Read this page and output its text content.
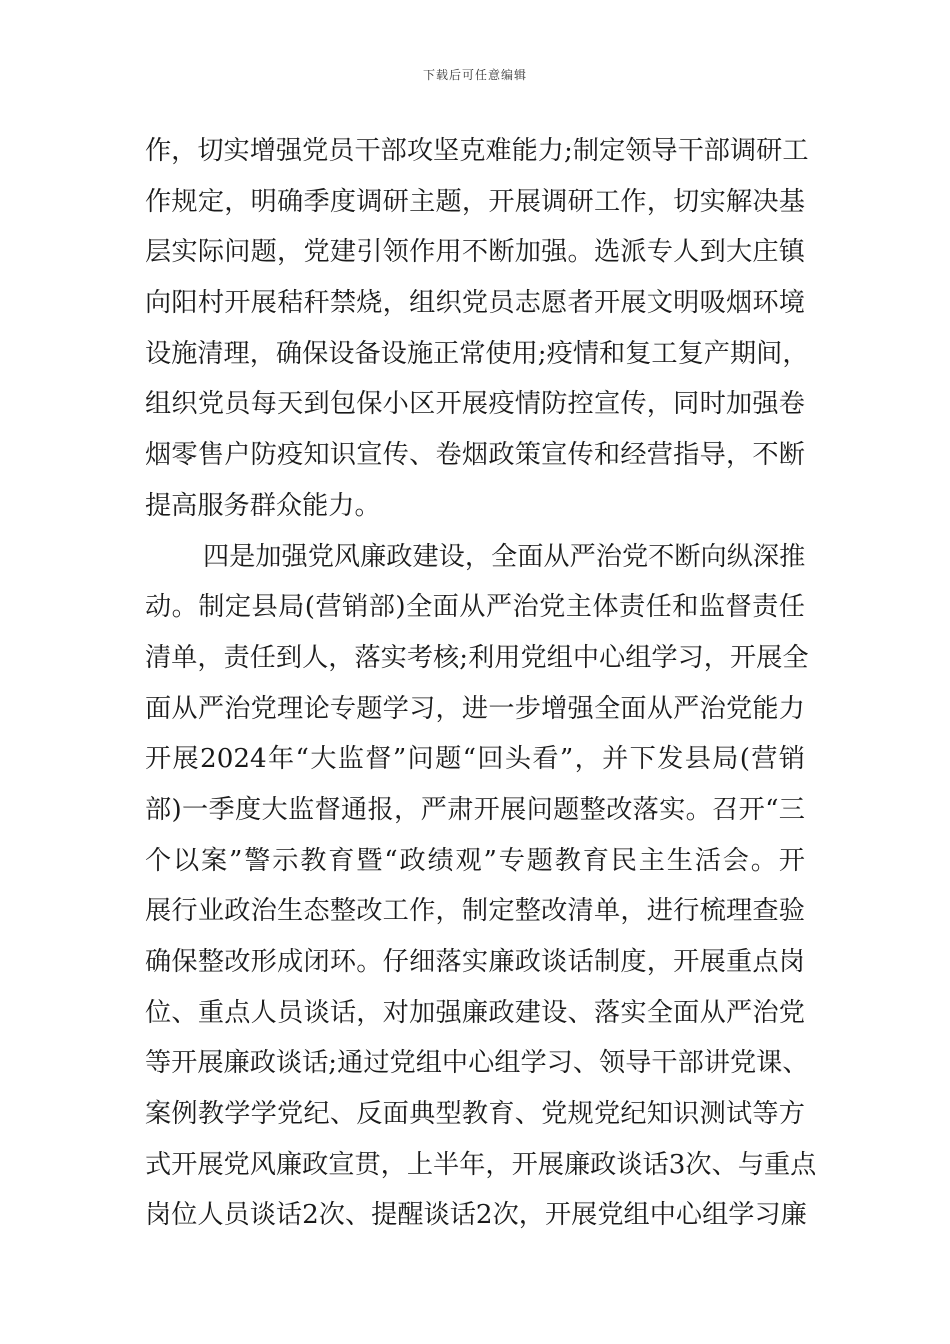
下载后可任意编辑
作，切实增强党员干部攻坚克难能力;制定领导干部调研工
作规定，明确季度调研主题，开展调研工作，切实解决基
层实际问题，党建引领作用不断加强。选派专人到大庄镇
向阳村开展秸秆禁烧，组织党员志愿者开展文明吸烟环境
设施清理，确保设备设施正常使用;疫情和复工复产期间，
组织党员每天到包保小区开展疫情防控宣传，同时加强卷
烟零售户防疫知识宣传、卷烟政策宣传和经营指导，不断
提高服务群众能力。
四是加强党风廉政建设，全面从严治党不断向纵深推
动。制定县局(营销部)全面从严治党主体责任和监督责任
清单，责任到人，落实考核;利用党组中心组学习，开展全
面从严治党理论专题学习，进一步增强全面从严治党能力
开展2024年“大监督”问题“回头看”，并下发县局(营销
部)一季度大监督通报，严肃开展问题整改落实。召开“三
个以案”警示教育暨“政绩观”专题教育民主生活会。开
展行业政治生态整改工作，制定整改清单，进行梳理查验
确保整改形成闭环。仔细落实廉政谈话制度，开展重点岗
位、重点人员谈话，对加强廉政建设、落实全面从严治党
等开展廉政谈话;通过党组中心组学习、领导干部讲党课、
案例教学学党纪、反面典型教育、党规党纪知识测试等方
式开展党风廉政宣贯，上半年，开展廉政谈话3次、与重点
岗位人员谈话2次、提醒谈话2次，开展党组中心组学习廉
